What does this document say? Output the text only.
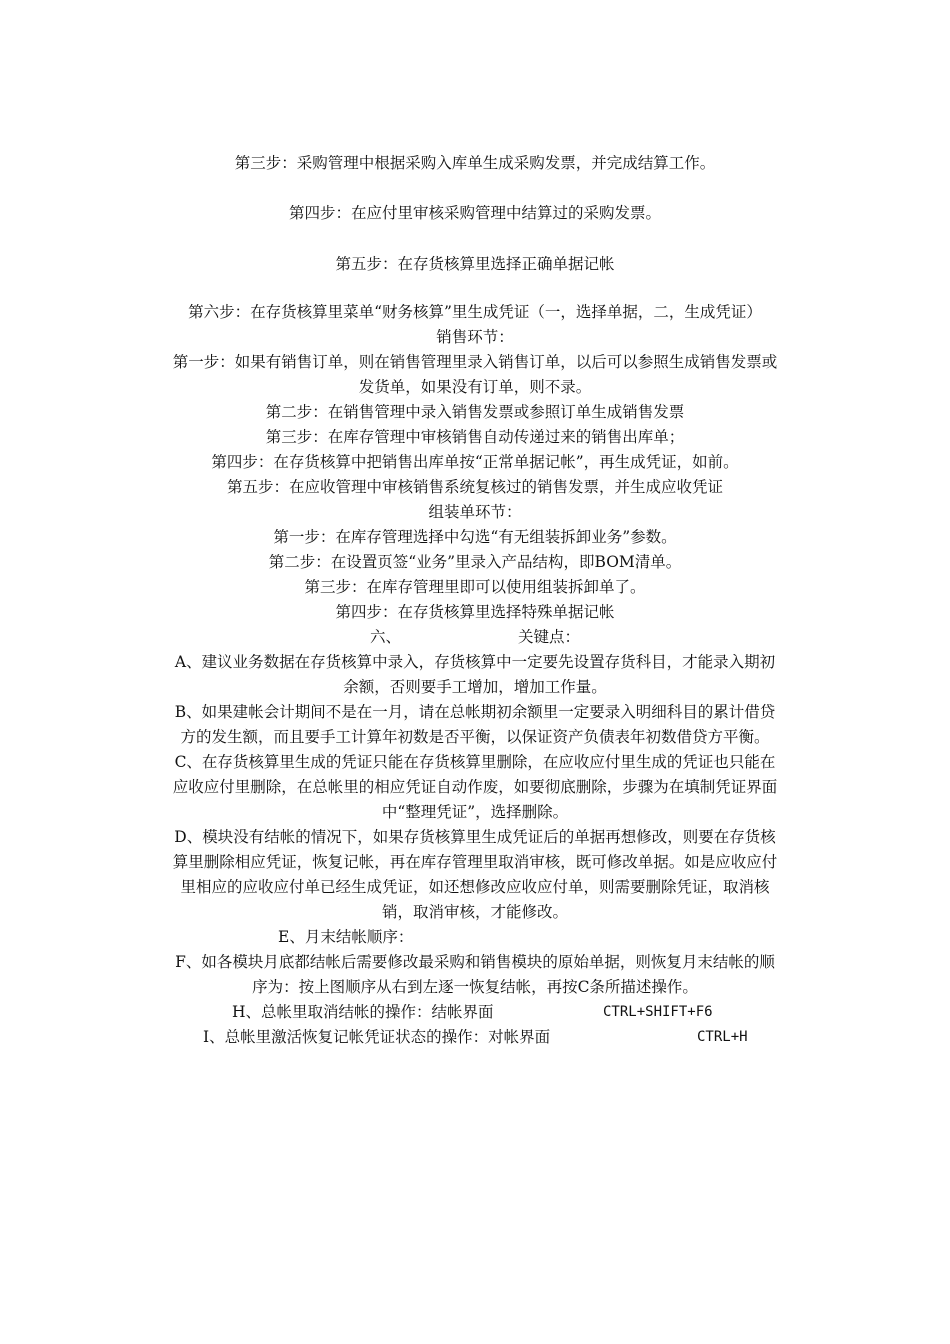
第三步：采购管理中根据采购入库单生成采购发票，并完成结算工作。
第四步：在应付里审核采购管理中结算过的采购发票。
第五步：在存货核算里选择正确单据记帐
第六步：在存货核算里菜单“财务核算”里生成凭证（一，选择单据，二，生成凭证）
销售环节：
第一步：如果有销售订单，则在销售管理里录入销售订单，以后可以参照生成销售发票或
发货单，如果没有订单，则不录。
第二步：在销售管理中录入销售发票或参照订单生成销售发票
第三步：在库存管理中审核销售自动传递过来的销售出库单；
第四步：在存货核算中把销售出库单按“正常单据记帐”，再生成凭证，如前。
第五步：在应收管理中审核销售系统复核过的销售发票，并生成应收凭证
组装单环节：
第一步：在库存管理选择中勾选“有无组装拆卸业务”参数。
第二步：在设置页签“业务”里录入产品结构，即BOM清单。
第三步：在库存管理里即可以使用组装拆卸单了。
第四步：在存货核算里选择特殊单据记帐
六、	关键点：
A、建议业务数据在存货核算中录入，存货核算中一定要先设置存货科目，才能录入期初
余额，否则要手工增加，增加工作量。
B、如果建帐会计期间不是在一月，请在总帐期初余额里一定要录入明细科目的累计借贷
方的发生额，而且要手工计算年初数是否平衡，以保证资产负债表年初数借贷方平衡。
C、在存货核算里生成的凭证只能在存货核算里删除，在应收应付里生成的凭证也只能在
应收应付里删除，在总帐里的相应凭证自动作废，如要彻底删除，步骤为在填制凭证界面
中“整理凭证”，选择删除。
D、模块没有结帐的情况下，如果存货核算里生成凭证后的单据再想修改，则要在存货核
算里删除相应凭证，恢复记帐，再在库存管理里取消审核，既可修改单据。如是应收应付
里相应的应收应付单已经生成凭证，如还想修改应收应付单，则需要删除凭证，取消核
销，取消审核，才能修改。
E、月末结帐顺序：
F、如各模块月底都结帐后需要修改最采购和销售模块的原始单据，则恢复月末结帐的顺
序为：按上图顺序从右到左逐一恢复结帐，再按C条所描述操作。
H、总帐里取消结帐的操作：结帐界面	CTRL+SHIFT+F6
I、总帐里激活恢复记帐凭证状态的操作：对帐界面	CTRL+H
